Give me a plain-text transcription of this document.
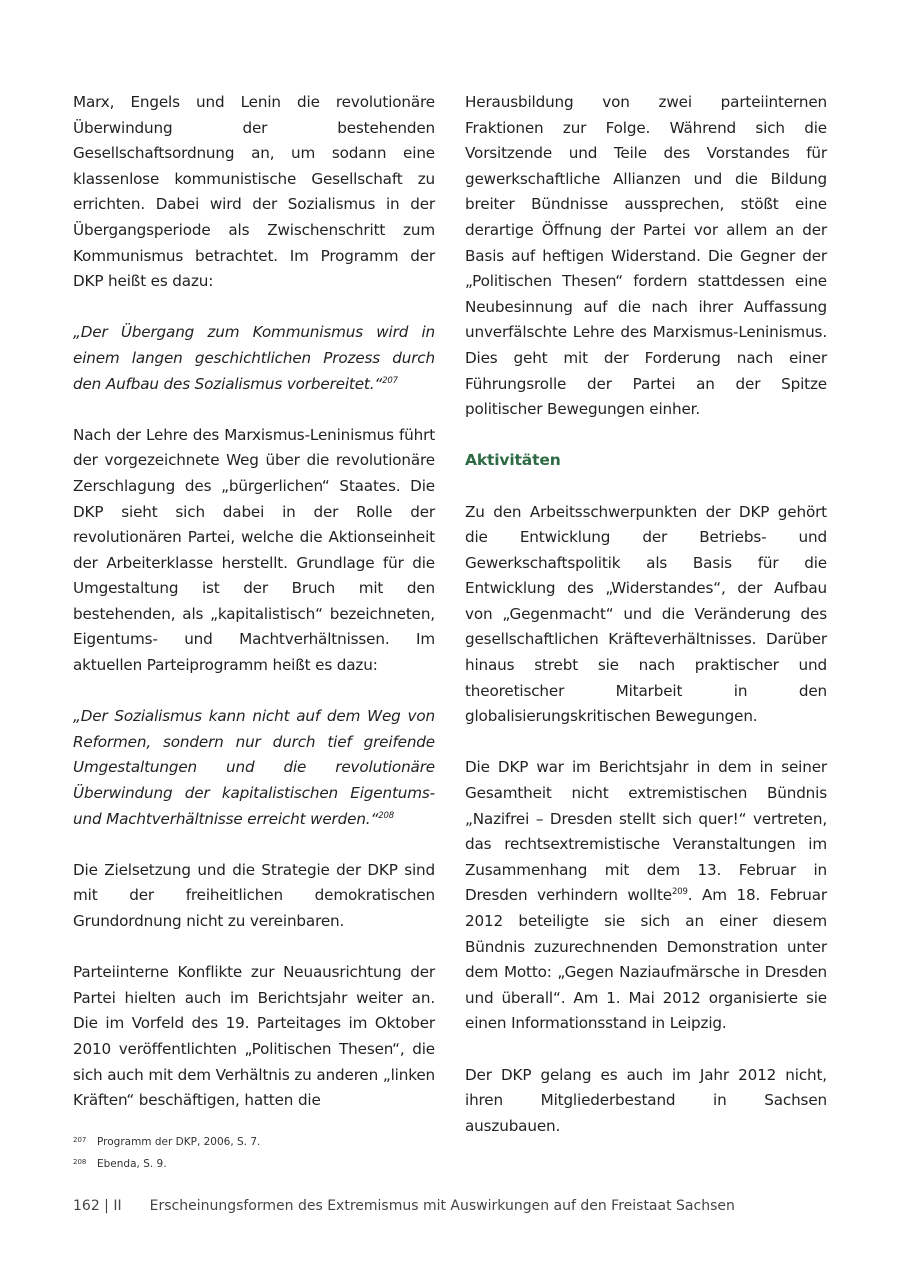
Marx, Engels und Lenin die revolutionäre Überwindung der bestehenden Gesellschaftsordnung an, um sodann eine klassenlose kommunistische Gesellschaft zu errichten. Dabei wird der Sozialismus in der Übergangsperiode als Zwischenschritt zum Kommunismus betrachtet. Im Programm der DKP heißt es dazu:

„Der Übergang zum Kommunismus wird in einem langen geschichtlichen Prozess durch den Aufbau des Sozialismus vorbereitet.“$^{207}$

Nach der Lehre des Marxismus-Leninismus führt der vorgezeichnete Weg über die revolutionäre Zerschlagung des „bürgerlichen“ Staates. Die DKP sieht sich dabei in der Rolle der revolutionären Partei, welche die Aktionseinheit der Arbeiterklasse herstellt. Grundlage für die Umgestaltung ist der Bruch mit den bestehenden, als „kapitalistisch“ bezeichneten, Eigentums- und Machtverhältnissen. Im aktuellen Parteiprogramm heißt es dazu:

„Der Sozialismus kann nicht auf dem Weg von Reformen, sondern nur durch tief greifende Umgestaltungen und die revolutionäre Überwindung der kapitalistischen Eigentums- und Machtverhältnisse erreicht werden.“$^{208}$

Die Zielsetzung und die Strategie der DKP sind mit der freiheitlichen demokratischen Grundordnung nicht zu vereinbaren.

Parteiinterne Konflikte zur Neuausrichtung der Partei hielten auch im Berichtsjahr weiter an. Die im Vorfeld des 19. Parteitages im Oktober 2010 veröffentlichten „Politischen Thesen“, die sich auch mit dem Verhältnis zu anderen „linken Kräften“ beschäftigen, hatten die

Herausbildung von zwei parteiinternen Fraktionen zur Folge. Während sich die Vorsitzende und Teile des Vorstandes für gewerkschaftliche Allianzen und die Bildung breiter Bündnisse aussprechen, stößt eine derartige Öffnung der Partei vor allem an der Basis auf heftigen Widerstand. Die Gegner der „Politischen Thesen“ fordern stattdessen eine Neubesinnung auf die nach ihrer Auffassung unverfälschte Lehre des Marxismus-Leninismus. Dies geht mit der Forderung nach einer Führungsrolle der Partei an der Spitze politischer Bewegungen einher.

Aktivitäten

Zu den Arbeitsschwerpunkten der DKP gehört die Entwicklung der Betriebs- und Gewerkschaftspolitik als Basis für die Entwicklung des „Widerstandes“, der Aufbau von „Gegenmacht“ und die Veränderung des gesellschaftlichen Kräfteverhältnisses. Darüber hinaus strebt sie nach praktischer und theoretischer Mitarbeit in den globalisierungskritischen Bewegungen.

Die DKP war im Berichtsjahr in dem in seiner Gesamtheit nicht extremistischen Bündnis „Nazifrei – Dresden stellt sich quer!“ vertreten, das rechtsextremistische Veranstaltungen im Zusammenhang mit dem 13. Februar in Dresden verhindern wollte$^{209}$. Am 18. Februar 2012 beteiligte sie sich an einer diesem Bündnis zuzurechnenden Demonstration unter dem Motto: „Gegen Naziaufmärsche in Dresden und überall“. Am 1. Mai 2012 organisierte sie einen Informationsstand in Leipzig.

Der DKP gelang es auch im Jahr 2012 nicht, ihren Mitgliederbestand in Sachsen auszubauen.

207 Programm der DKP, 2006, S. 7.
208 Ebenda, S. 9.
162 | II Erscheinungsformen des Extremismus mit Auswirkungen auf den Freistaat Sachsen
